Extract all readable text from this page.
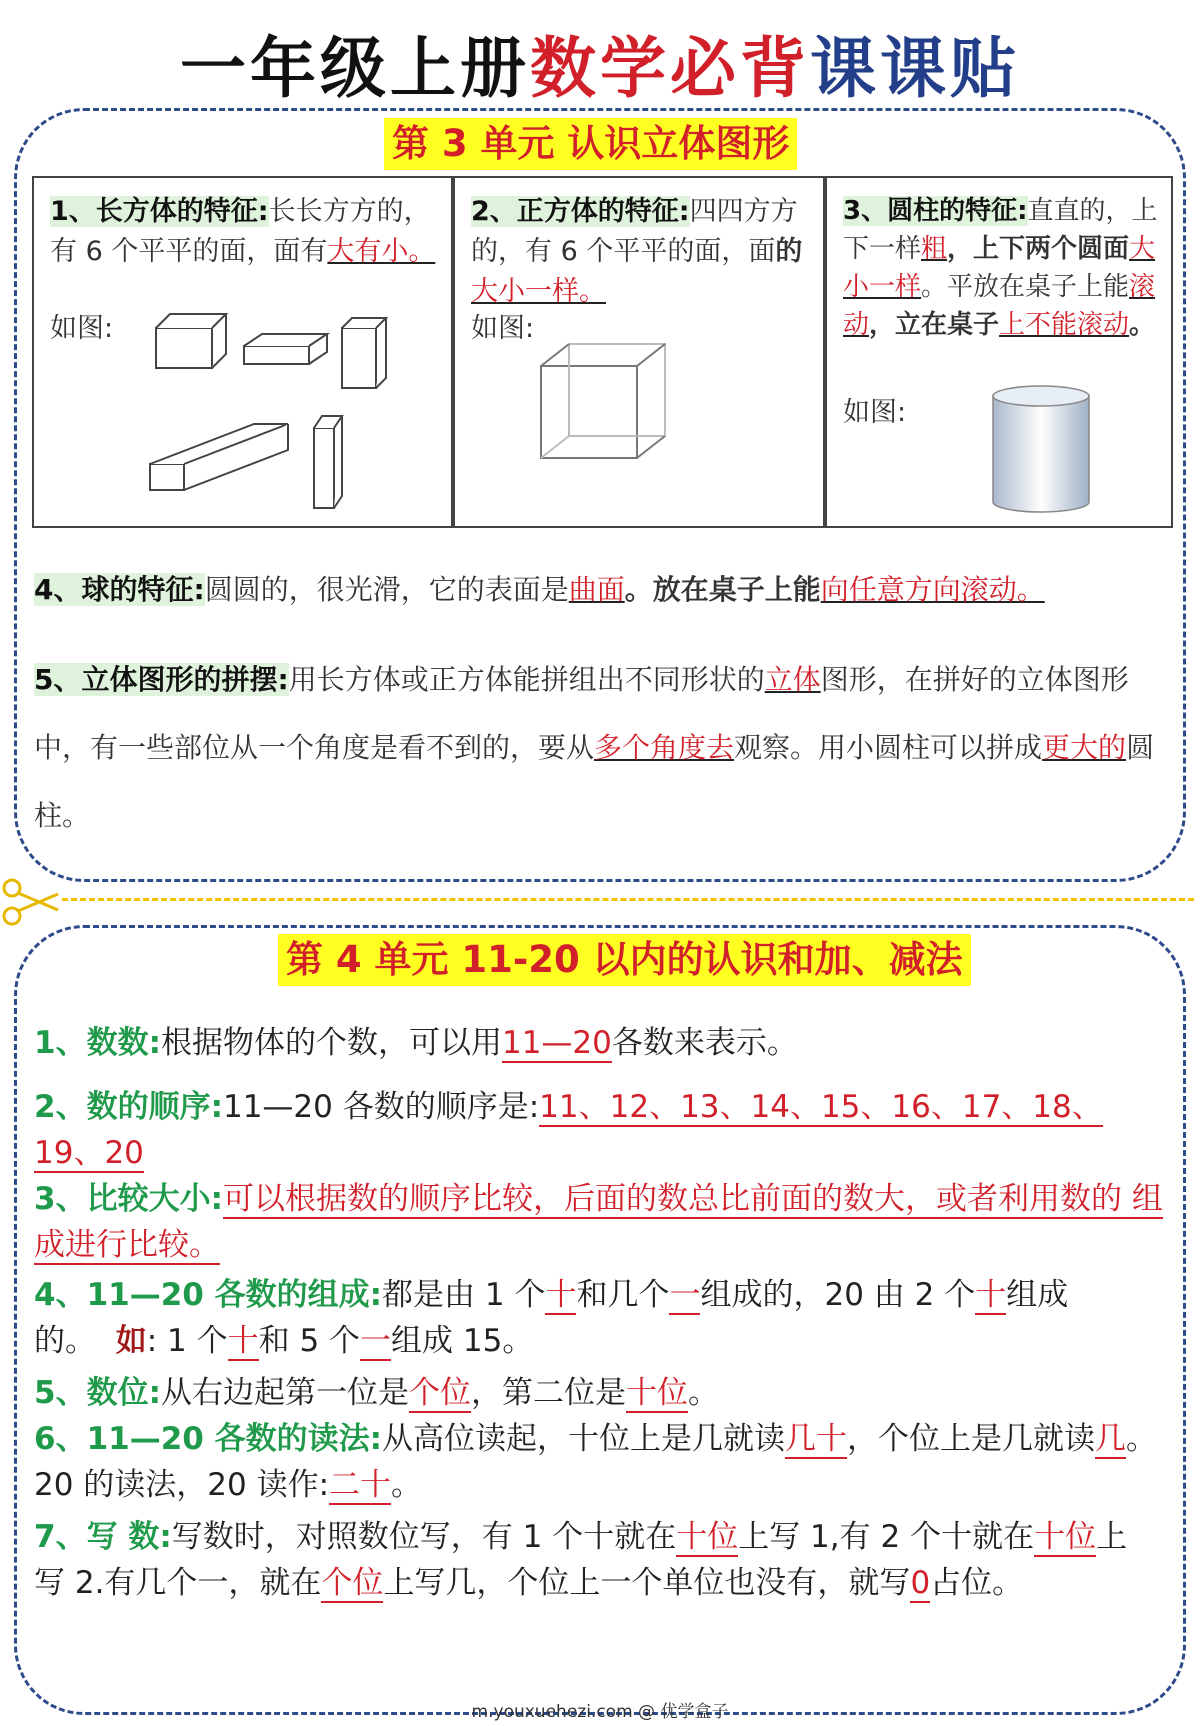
一年级上册数学必背课课贴
第 3 单元 认识立体图形
1、长方体的特征:长长方方的，有 6 个平平的面，面有大有小。
如图:
2、正方体的特征:四四方方的，有 6 个平平的面，面的大小一样。
如图:
3、圆柱的特征:直直的，上下一样粗，上下两个圆面大小一样。平放在桌子上能滚动，立在桌子上不能滚动。
如图:
4、球的特征:圆圆的，很光滑，它的表面是曲面。放在桌子上能向任意方向滚动。
5、立体图形的拼摆:用长方体或正方体能拼组出不同形状的立体图形，在拼好的立体图形中，有一些部位从一个角度是看不到的，要从多个角度去观察。用小圆柱可以拼成更大的圆柱。
第 4 单元 11-20 以内的认识和加、减法
1、数数:根据物体的个数，可以用11—20各数来表示。
2、数的顺序:11—20 各数的顺序是:11、12、13、14、15、16、17、18、19、20
3、比较大小:可以根据数的顺序比较，后面的数总比前面的数大，或者利用数的 组成进行比较。
4、11—20 各数的组成:都是由 1 个十和几个一组成的，20 由 2 个十组成的。 如: 1 个十和 5 个一组成 15。
5、数位:从右边起第一位是个位，第二位是十位。
6、11—20 各数的读法:从高位读起，十位上是几就读几十，个位上是几就读几。20 的读法，20 读作:二十。
7、写 数:写数时，对照数位写，有 1 个十就在十位上写 1,有 2 个十就在十位上 写 2.有几个一，就在个位上写几，个位上一个单位也没有，就写0占位。
m.youxuehezi.com @ 优学盒子
